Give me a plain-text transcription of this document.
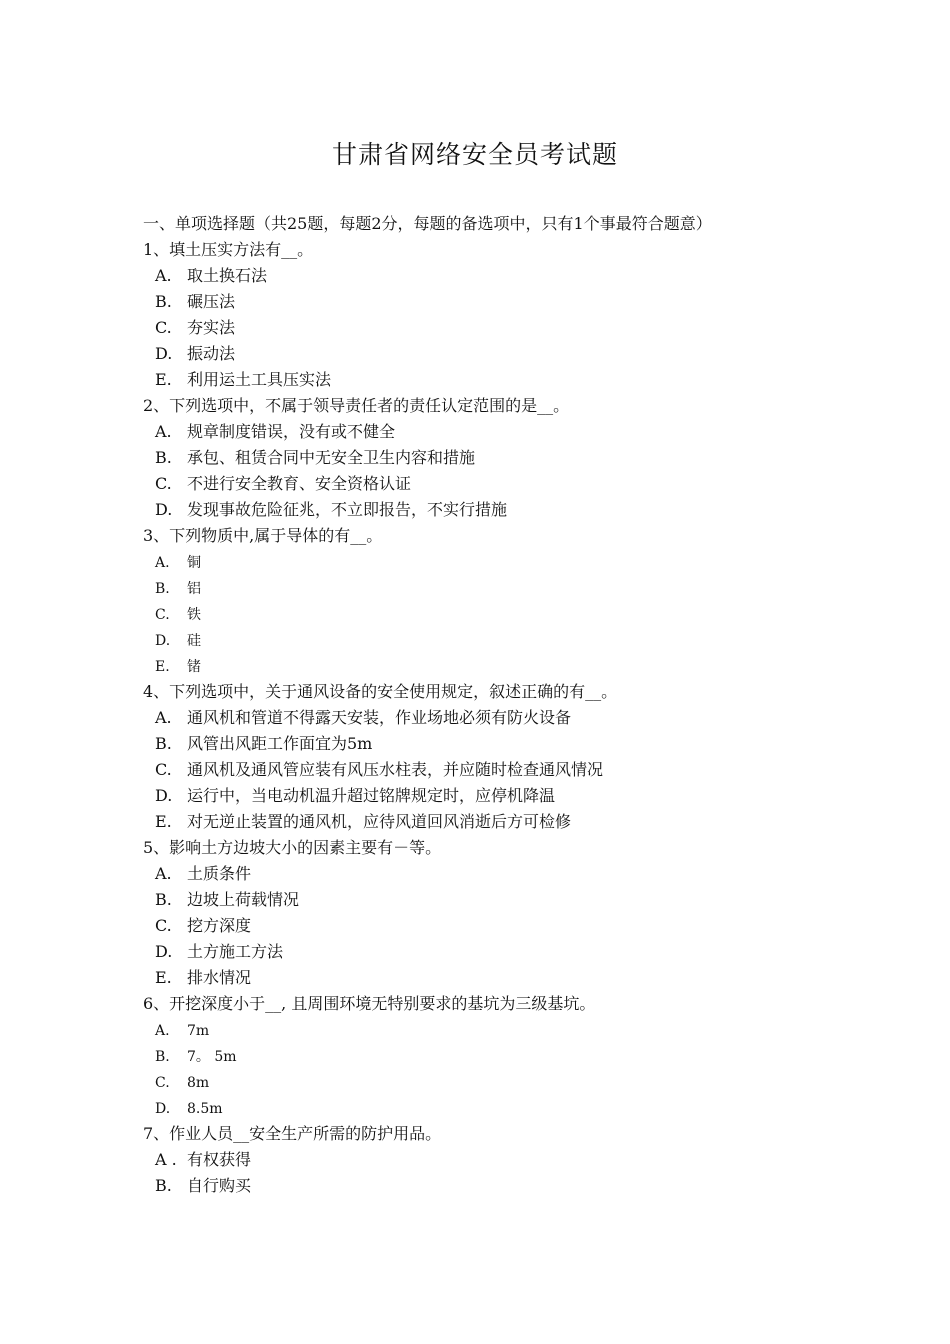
甘肃省网络安全员考试题
一、单项选择题（共25题，每题2分，每题的备选项中，只有1个事最符合题意）
1、填土压实方法有__。
A. 取土换石法
B. 碾压法
C. 夯实法
D. 振动法
E. 利用运土工具压实法
2、下列选项中，不属于领导责任者的责任认定范围的是__。
A. 规章制度错误，没有或不健全
B. 承包、租赁合同中无安全卫生内容和措施
C. 不进行安全教育、安全资格认证
D. 发现事故危险征兆，不立即报告，不实行措施
3、下列物质中,属于导体的有__。
A. 铜
B. 铝
C. 铁
D. 硅
E. 锗
4、下列选项中，关于通风设备的安全使用规定，叙述正确的有__。
A. 通风机和管道不得露天安装，作业场地必须有防火设备
B. 风管出风距工作面宜为5m
C. 通风机及通风管应装有风压水柱表，并应随时检查通风情况
D. 运行中，当电动机温升超过铭牌规定时，应停机降温
E. 对无逆止装置的通风机，应待风道回风消逝后方可检修
5、影响土方边坡大小的因素主要有－等。
A. 土质条件
B. 边坡上荷载情况
C. 挖方深度
D. 土方施工方法
E. 排水情况
6、开挖深度小于__, 且周围环境无特别要求的基坑为三级基坑。
A. 7m
B. 7。 5m
C. 8m
D. 8.5m
7、作业人员__安全生产所需的防护用品。
A . 有权获得
B. 自行购买
